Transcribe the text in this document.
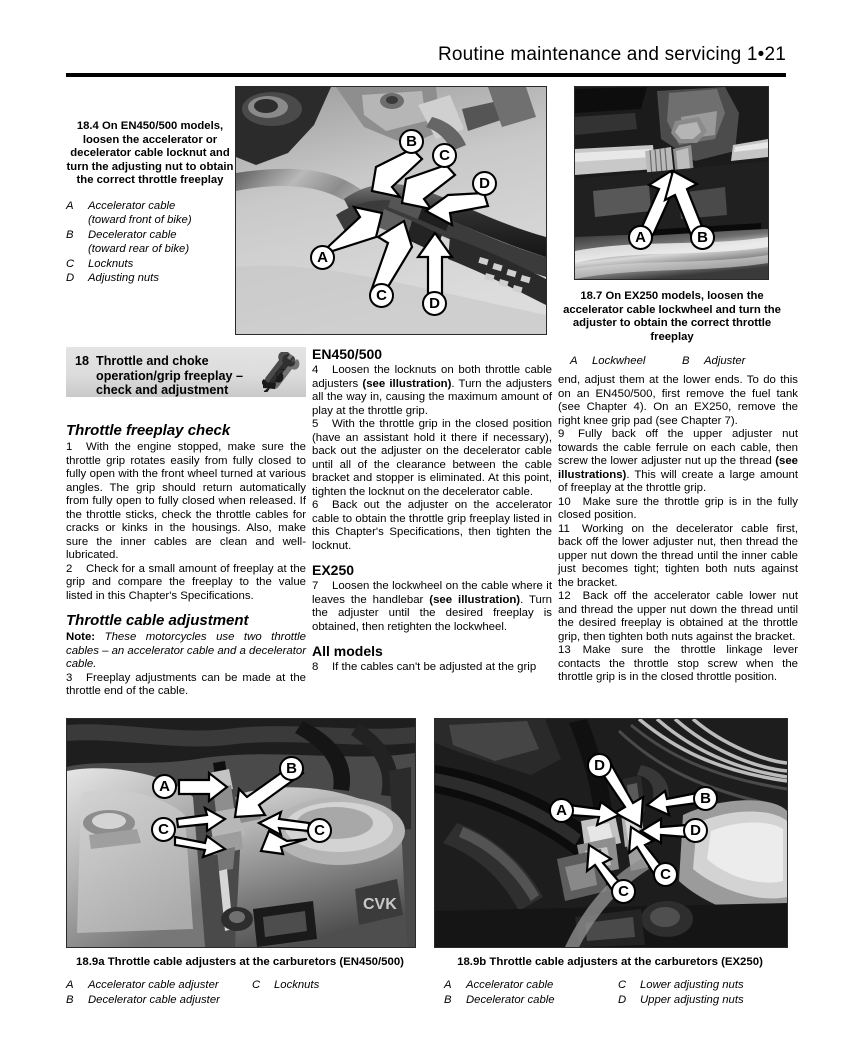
Routine maintenance and servicing 1•21
B
C
D
A
C	D
18.4 On EN450/500 models, loosen the accelerator or decelerator cable locknut and turn the adjusting nut to obtain the correct throttle freeplay
A	Accelerator cable (toward front of bike)
B	Decelerator cable (toward rear of bike)
C	Locknuts
D	Adjusting nuts
A	B
18.7 On EX250 models, loosen the accelerator cable lockwheel and turn the adjuster to obtain the correct throttle freeplay
A	Lockwheel	B	Adjuster
18 Throttle and choke operation/grip freeplay – check and adjustment
Throttle freeplay check

1 With the engine stopped, make sure the throttle grip rotates easily from fully closed to fully open with the front wheel turned at various angles. The grip should return automatically from fully open to fully closed when released. If the throttle sticks, check the throttle cables for cracks or kinks in the housings. Also, make sure the inner cables are clean and well-lubricated.

2 Check for a small amount of freeplay at the grip and compare the freeplay to the value listed in this Chapter's Specifications.

Throttle cable adjustment

Note: These motorcycles use two throttle cables – an accelerator cable and a decelerator cable.

3 Freeplay adjustments can be made at the throttle end of the cable.

EN450/500

4 Loosen the locknuts on both throttle cable adjusters (see illustration). Turn the adjusters all the way in, causing the maximum amount of play at the throttle grip.

5 With the throttle grip in the closed position (have an assistant hold it there if necessary), back out the adjuster on the decelerator cable until all of the clearance between the cable bracket and stopper is eliminated. At this point, tighten the locknut on the decelerator cable.

6 Back out the adjuster on the accelerator cable to obtain the throttle grip freeplay listed in this Chapter's Specifications, then tighten the locknut.

EX250

7 Loosen the lockwheel on the cable where it leaves the handlebar (see illustration). Turn the adjuster until the desired freeplay is obtained, then retighten the lockwheel.

All models

8 If the cables can't be adjusted at the grip

end, adjust them at the lower ends. To do this on an EN450/500, first remove the fuel tank (see Chapter 4). On an EX250, remove the right knee grip pad (see Chapter 7).

9 Fully back off the upper adjuster nut towards the cable ferrule on each cable, then screw the lower adjuster nut up the thread (see illustrations). This will create a large amount of freeplay at the throttle grip.

10 Make sure the throttle grip is in the fully closed position.

11 Working on the decelerator cable first, back off the lower adjuster nut, then thread the upper nut down the thread until the inner cable just becomes tight; tighten both nuts against the bracket.

12 Back off the accelerator cable lower nut and thread the upper nut down the thread until the desired freeplay is obtained at the throttle grip, then tighten both nuts against the bracket.

13 Make sure the throttle linkage lever contacts the throttle stop screw when the throttle grip is in the closed throttle position.

CVK
A
B
C	C
D
B
A
D
C
C
18.9a Throttle cable adjusters at the carburetors (EN450/500)
A	Accelerator cable adjuster
B	Decelerator cable adjuster
C	Locknuts
18.9b Throttle cable adjusters at the carburetors (EX250)
A	Accelerator cable
B	Decelerator cable
C	Lower adjusting nuts
D	Upper adjusting nuts
